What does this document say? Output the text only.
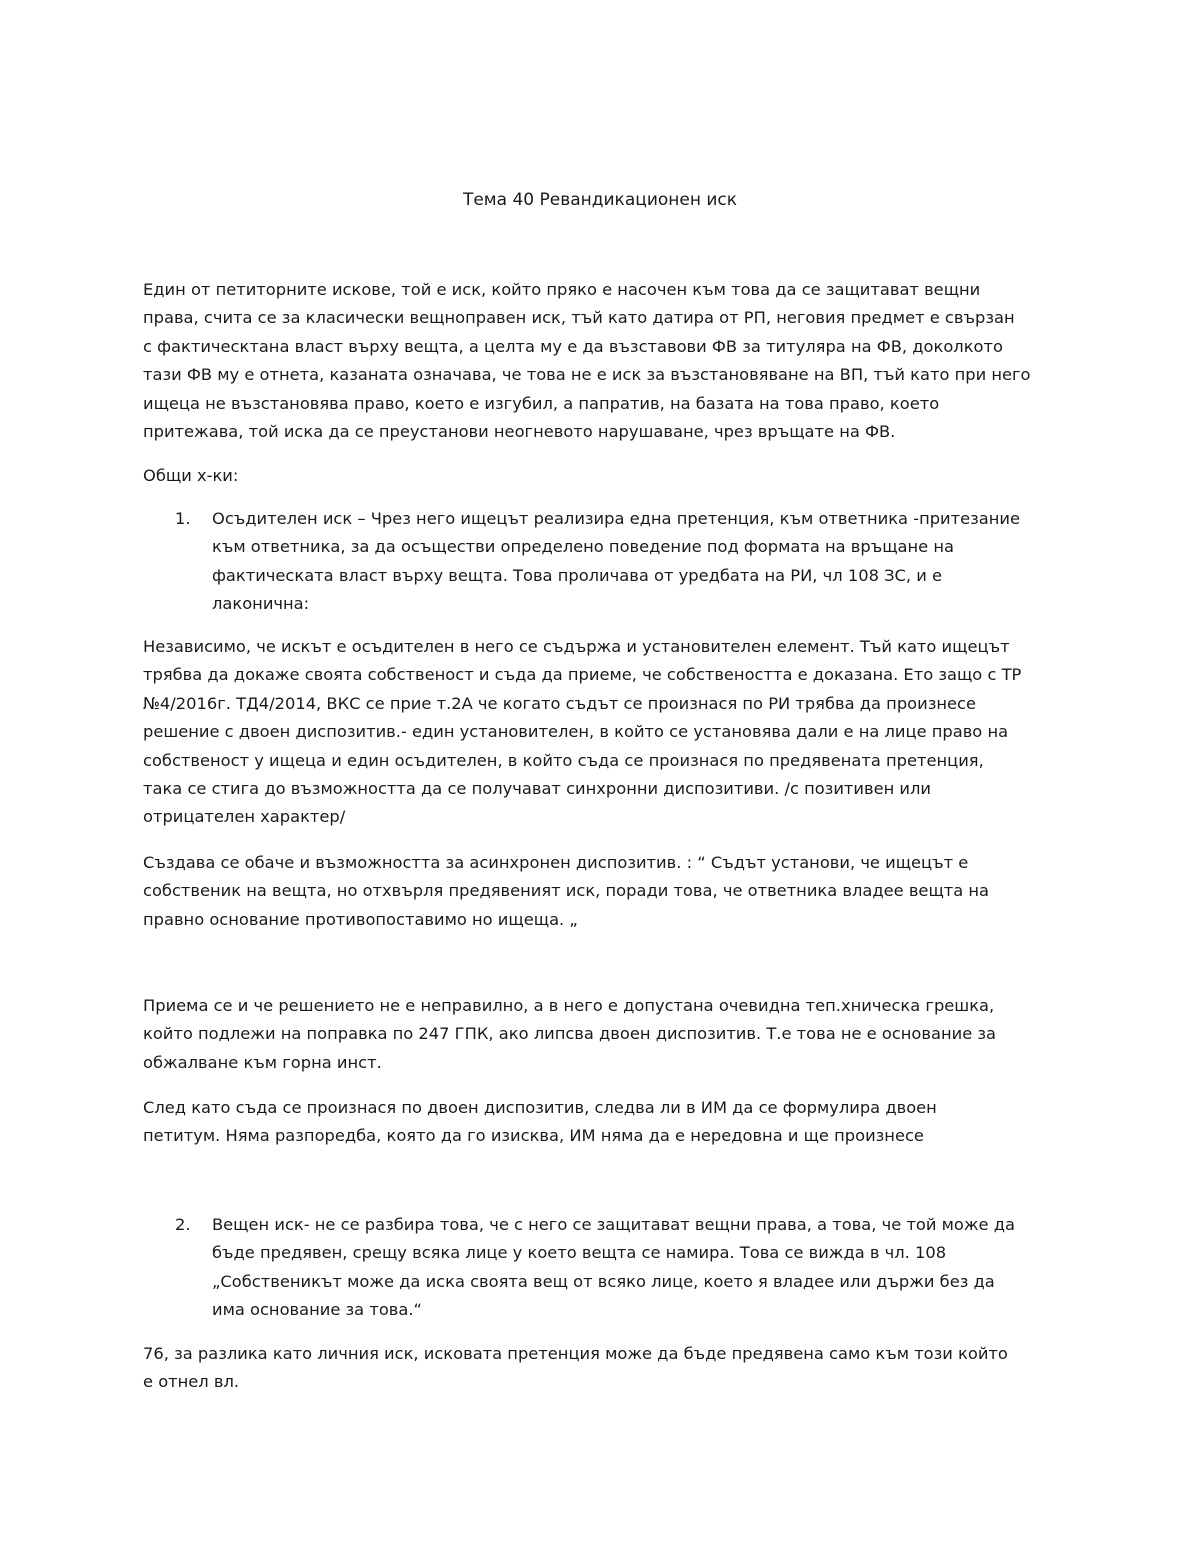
Тема 40 Ревандикационен иск

Един от петиторните искове, той е иск, който пряко е насочен към това да се защитават вещни
права, счита се за класически вещноправен иск, тъй като датира от РП, неговия предмет е свързан
с фактическтана власт върху вещта, а целта му е да възставови ФВ за титуляра на ФВ, доколкото
тази ФВ му е отнета, казаната означава, че това не е иск за възстановяване на ВП, тъй като при него
ищеца не възстановява право, което е изгубил, а папратив, на базата на това право, което
притежава, той иска да се преустанови неогневото нарушаване, чрез връщате на ФВ.

Общи х-ки:

1. Осъдителен иск – Чрез него ищецът реализира една претенция, към ответника -притезание
към ответника, за да осъществи определено поведение под формата на връщане на
фактическата власт върху вещта. Това проличава от уредбата на РИ, чл 108 ЗС, и е
лаконична:

Независимо, че искът е осъдителен в него се съдържа и установителен елемент. Тъй като ищецът
трябва да докаже своята собственост и съда да приеме, че собствеността е доказана. Ето защо с ТР
№4/2016г. ТД4/2014, ВКС се прие т.2А че когато съдът се произнася по РИ трябва да произнесе
решение с двоен диспозитив.- един установителен, в който се установява дали е на лице право на
собственост у ищеца и един осъдителен, в който съда се произнася по предявената претенция,
така се стига до възможността да се получават синхронни диспозитиви. /с позитивен или
отрицателен характер/

Създава се обаче и възможността за асинхронен диспозитив. : “ Съдът установи, че ищецът е
собственик на вещта, но отхвърля предявеният иск, поради това, че ответника владее вещта на
правно основание противопоставимо но ищеща. „

Приема се и че решението не е неправилно, а в него е допустана очевидна теп.хническа грешка,
който подлежи на поправка по 247 ГПК, ако липсва двоен диспозитив. Т.е това не е основание за
обжалване към горна инст.

След като съда се произнася по двоен диспозитив, следва ли в ИМ да се формулира двоен
петитум. Няма разпоредба, която да го изисква, ИМ няма да е нередовна и ще произнесе

2. Вещен иск- не се разбира това, че с него се защитават вещни права, а това, че той може да
бъде предявен, срещу всяка лице у което вещта се намира. Това се вижда в чл. 108
„Собственикът може да иска своята вещ от всяко лице, което я владее или държи без да
има основание за това.“

76, за разлика като личния иск, исковата претенция може да бъде предявена само към този който
е отнел вл.
